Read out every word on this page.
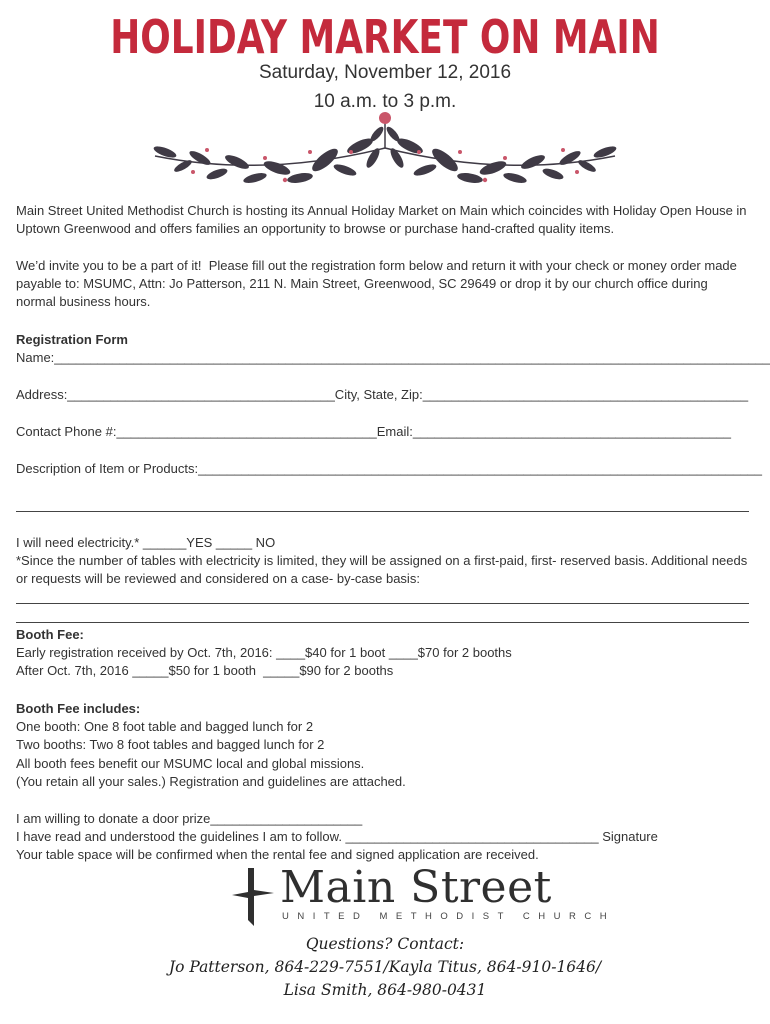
HOLIDAY MARKET ON MAIN
Saturday, November 12, 2016
10 a.m. to 3 p.m.
Main Street United Methodist Church is hosting its Annual Holiday Market on Main which coincides with Holiday Open House in
Uptown Greenwood and offers families an opportunity to browse or purchase hand-crafted quality items.
We’d invite you to be a part of it!  Please fill out the registration form below and return it with your check or money order made
payable to: MSUMC, Attn: Jo Patterson, 211 N. Main Street, Greenwood, SC 29649 or drop it by our church office during
normal business hours.
Registration Form
Name:___________________________________________________________________________________________________
Address:_____________________________________City, State, Zip:_____________________________________________
Contact Phone #:____________________________________Email:____________________________________________
Description of Item or Products:______________________________________________________________________________
I will need electricity.* ______YES _____ NO
*Since the number of tables with electricity is limited, they will be assigned on a first-paid, first- reserved basis. Additional needs
or requests will be reviewed and considered on a case- by-case basis:
Booth Fee:
Early registration received by Oct. 7th, 2016: ____$40 for 1 boot ____$70 for 2 booths
After Oct. 7th, 2016 _____$50 for 1 booth  _____$90 for 2 booths
Booth Fee includes:
One booth: One 8 foot table and bagged lunch for 2
Two booths: Two 8 foot tables and bagged lunch for 2
All booth fees benefit our MSUMC local and global missions.
(You retain all your sales.) Registration and guidelines are attached.
I am willing to donate a door prize_____________________
I have read and understood the guidelines I am to follow. ___________________________________ Signature
Your table space will be confirmed when the rental fee and signed application are received.
Main Street
UNITED METHODIST CHURCH
Questions? Contact:
Jo Patterson, 864-229-7551/Kayla Titus, 864-910-1646/
Lisa Smith, 864-980-0431
